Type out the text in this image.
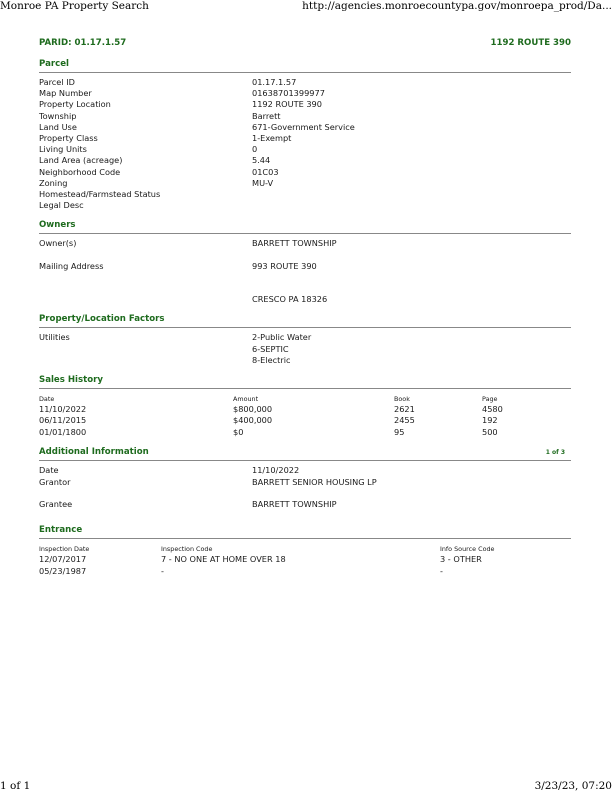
Monroe PA Property Search	http://agencies.monroecountypa.gov/monroepa_prod/Da...
PARID: 01.17.1.57	1192 ROUTE 390
Parcel
Parcel ID	01.17.1.57
Map Number	01638701399977
Property Location	1192 ROUTE 390
Township	Barrett
Land Use	671-Government Service
Property Class	1-Exempt
Living Units	0
Land Area (acreage)	5.44
Neighborhood Code	01C03
Zoning	MU-V
Homestead/Farmstead Status
Legal Desc
Owners
Owner(s)	BARRETT TOWNSHIP
Mailing Address	993 ROUTE 390
CRESCO PA 18326
Property/Location Factors
Utilities	2-Public Water
6-SEPTIC
8-Electric
Sales History
Date	Amount	Book	Page
11/10/2022	$800,000	2621	4580
06/11/2015	$400,000	2455	192
01/01/1800	$0	95	500
Additional Information	1 of 3
Date	11/10/2022
Grantor	BARRETT SENIOR HOUSING LP
Grantee	BARRETT TOWNSHIP
Entrance
Inspection Date	Inspection Code	Info Source Code
12/07/2017	7 - NO ONE AT HOME OVER 18	3 - OTHER
05/23/1987	-	-
1 of 1	3/23/23, 07:20
